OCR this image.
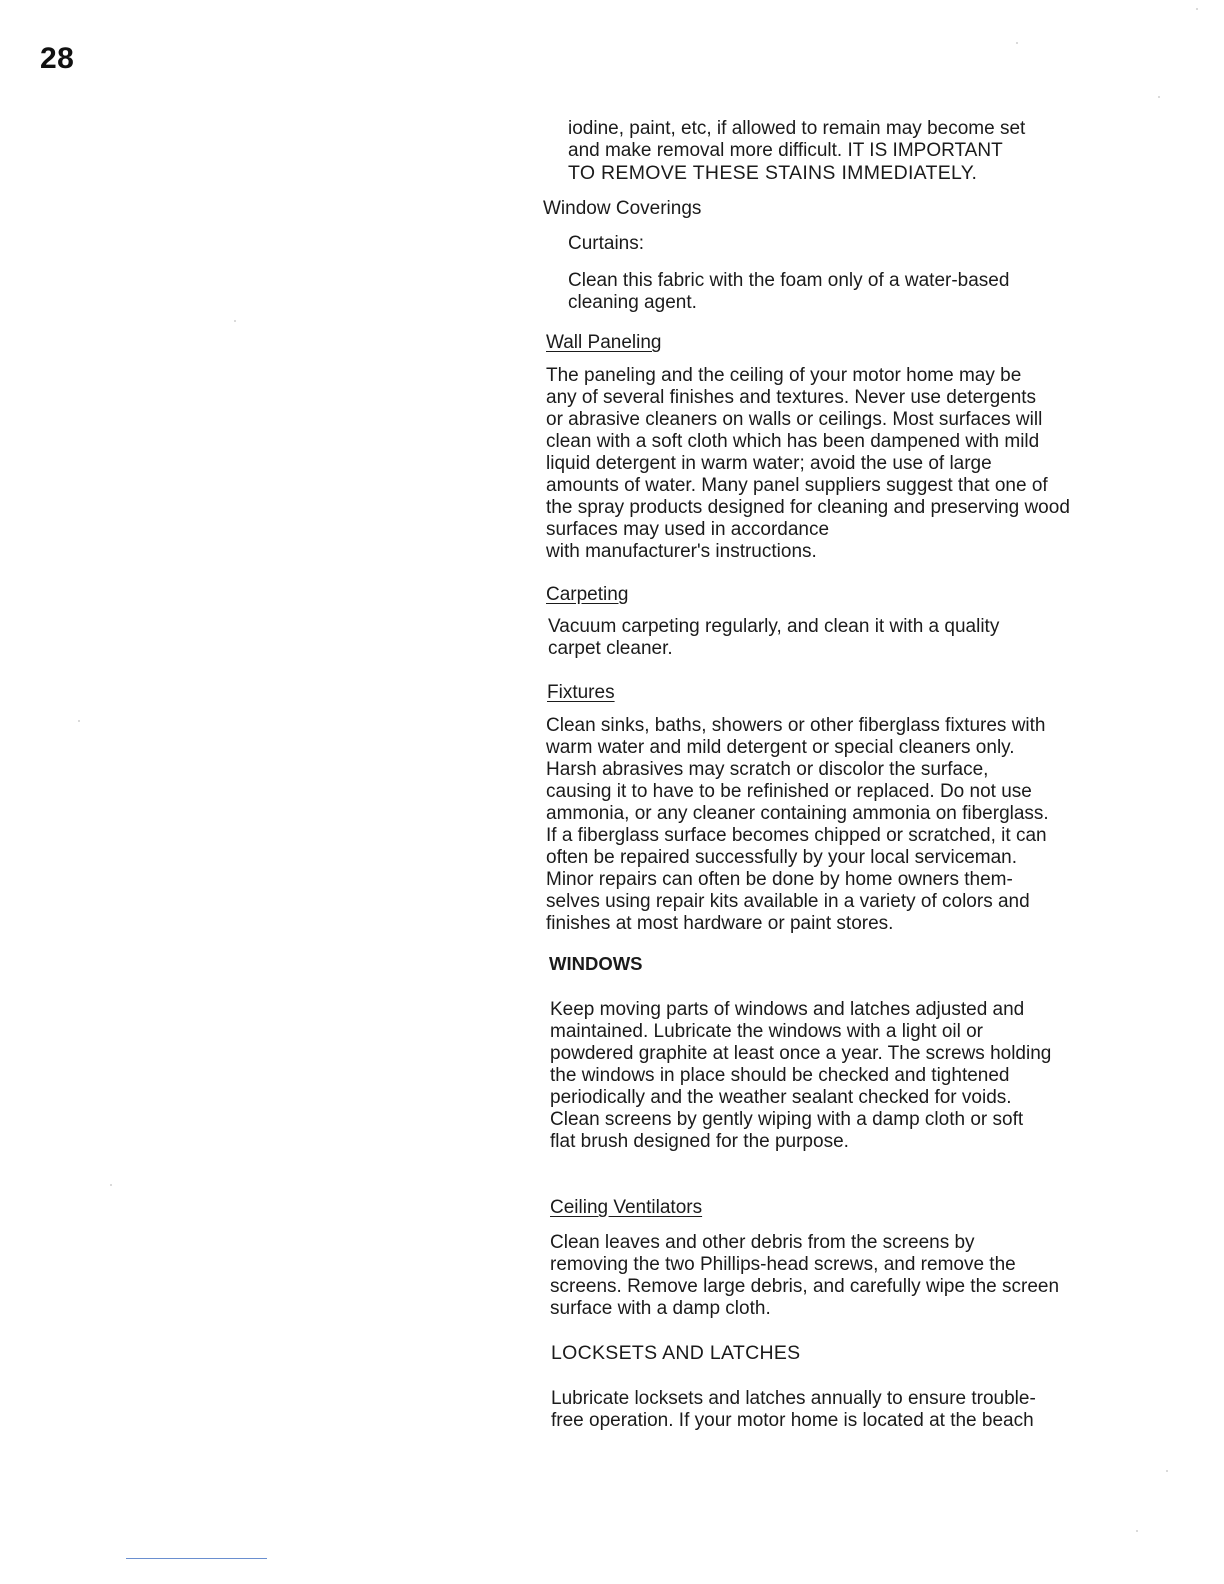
28

iodine, paint, etc, if allowed to remain may become set

and make removal more difficult. IT IS IMPORTANT

TO REMOVE THESE STAINS IMMEDIATELY.

Window Coverings
Curtains:

Clean this fabric with the foam only of a water-based

cleaning agent.

Wall Paneling

The paneling and the ceiling of your motor home may be

any of several finishes and textures. Never use detergents

or abrasive cleaners on walls or ceilings. Most surfaces will

clean with a soft cloth which has been dampened with mild

liquid detergent in warm water; avoid the use of large

amounts of water. Many panel suppliers suggest that one of

the spray products designed for cleaning and preserving wood

surfaces may used in accordance

with manufacturer's instructions.

Carpeting

Vacuum carpeting regularly, and clean it with a quality

carpet cleaner.

Fixtures

Clean sinks, baths, showers or other fiberglass fixtures with

warm water and mild detergent or special cleaners only.

Harsh abrasives may scratch or discolor the surface,

causing it to have to be refinished or replaced. Do not use

ammonia, or any cleaner containing ammonia on fiberglass.

If a fiberglass surface becomes chipped or scratched, it can

often be repaired successfully by your local serviceman.

Minor repairs can often be done by home owners them-

selves using repair kits available in a variety of colors and

finishes at most hardware or paint stores.

WINDOWS

Keep moving parts of windows and latches adjusted and

maintained. Lubricate the windows with a light oil or

powdered graphite at least once a year. The screws holding

the windows in place should be checked and tightened

periodically and the weather sealant checked for voids.

Clean screens by gently wiping with a damp cloth or soft

flat brush designed for the purpose.

Ceiling Ventilators

Clean leaves and other debris from the screens by

removing the two Phillips-head screws, and remove the

screens. Remove large debris, and carefully wipe the screen

surface with a damp cloth.

LOCKSETS AND LATCHES

Lubricate locksets and latches annually to ensure trouble-

free operation. If your motor home is located at the beach
